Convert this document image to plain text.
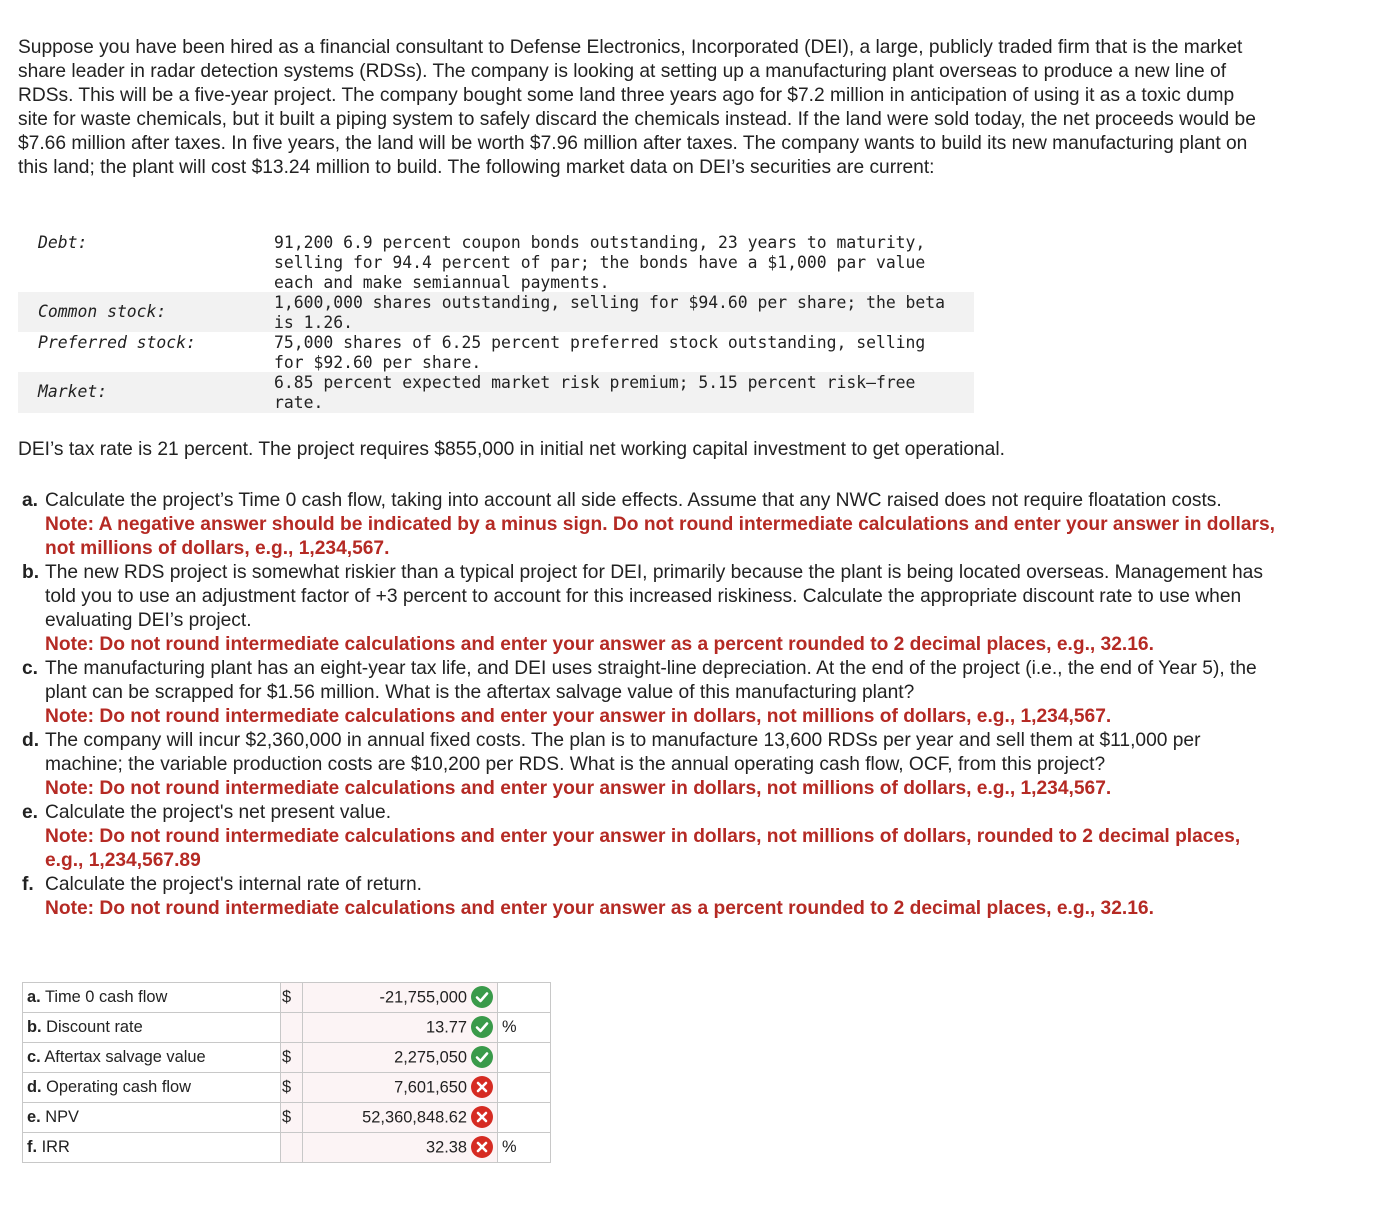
Suppose you have been hired as a financial consultant to Defense Electronics, Incorporated (DEI), a large, publicly traded firm that is the market share leader in radar detection systems (RDSs). The company is looking at setting up a manufacturing plant overseas to produce a new line of RDSs. This will be a five-year project. The company bought some land three years ago for $7.2 million in anticipation of using it as a toxic dump site for waste chemicals, but it built a piping system to safely discard the chemicals instead. If the land were sold today, the net proceeds would be $7.66 million after taxes. In five years, the land will be worth $7.96 million after taxes. The company wants to build its new manufacturing plant on this land; the plant will cost $13.24 million to build. The following market data on DEI’s securities are current:
Debt:	91,200 6.9 percent coupon bonds outstanding, 23 years to maturity, selling for 94.4 percent of par; the bonds have a $1,000 par value each and make semiannual payments.
Common stock:	1,600,000 shares outstanding, selling for $94.60 per share; the beta is 1.26.
Preferred stock:	75,000 shares of 6.25 percent preferred stock outstanding, selling for $92.60 per share.
Market:	6.85 percent expected market risk premium; 5.15 percent risk–free rate.
DEI’s tax rate is 21 percent. The project requires $855,000 in initial net working capital investment to get operational.
a. Calculate the project’s Time 0 cash flow, taking into account all side effects. Assume that any NWC raised does not require floatation costs.
Note: A negative answer should be indicated by a minus sign. Do not round intermediate calculations and enter your answer in dollars, not millions of dollars, e.g., 1,234,567.
b. The new RDS project is somewhat riskier than a typical project for DEI, primarily because the plant is being located overseas. Management has told you to use an adjustment factor of +3 percent to account for this increased riskiness. Calculate the appropriate discount rate to use when evaluating DEI’s project.
Note: Do not round intermediate calculations and enter your answer as a percent rounded to 2 decimal places, e.g., 32.16.
c. The manufacturing plant has an eight-year tax life, and DEI uses straight-line depreciation. At the end of the project (i.e., the end of Year 5), the plant can be scrapped for $1.56 million. What is the aftertax salvage value of this manufacturing plant?
Note: Do not round intermediate calculations and enter your answer in dollars, not millions of dollars, e.g., 1,234,567.
d. The company will incur $2,360,000 in annual fixed costs. The plan is to manufacture 13,600 RDSs per year and sell them at $11,000 per machine; the variable production costs are $10,200 per RDS. What is the annual operating cash flow, OCF, from this project?
Note: Do not round intermediate calculations and enter your answer in dollars, not millions of dollars, e.g., 1,234,567.
e. Calculate the project's net present value.
Note: Do not round intermediate calculations and enter your answer in dollars, not millions of dollars, rounded to 2 decimal places, e.g., 1,234,567.89
f. Calculate the project's internal rate of return.
Note: Do not round intermediate calculations and enter your answer as a percent rounded to 2 decimal places, e.g., 32.16.
a. Time 0 cash flow	$	-21,755,000

b. Discount rate		13.77	%
c. Aftertax salvage value	$	2,275,050

d. Operating cash flow	$	7,601,650

e. NPV	$	52,360,848.62

f. IRR		32.38	%
